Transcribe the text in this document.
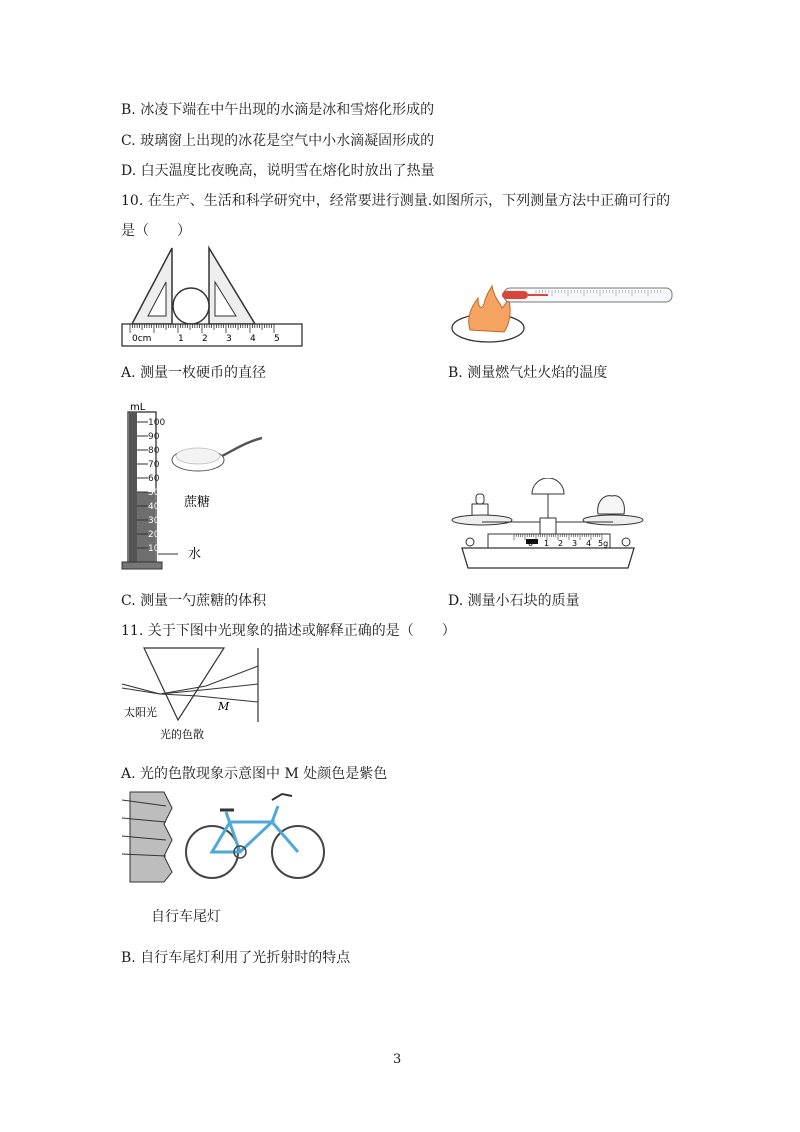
B. 冰凌下端在中午出现的水滴是冰和雪熔化形成的
C. 玻璃窗上出现的冰花是空气中小水滴凝固形成的
D. 白天温度比夜晚高，说明雪在熔化时放出了热量
10. 在生产、生活和科学研究中，经常要进行测量.如图所示，下列测量方法中正确可行的
是（　　）
0cm	1 2 3 4 5
A. 测量一枚硬币的直径	B. 测量燃气灶火焰的温度
mL
100
90
80
70
60
50
40
30
20
10
蔗糖
水
0 1 2 3 4 5g
C. 测量一勺蔗糖的体积	D. 测量小石块的质量
11. 关于下图中光现象的描述或解释正确的是（　　）
太阳光	M
光的色散
A. 光的色散现象示意图中 M 处颜色是紫色
自行车尾灯
B. 自行车尾灯利用了光折射时的特点
3
